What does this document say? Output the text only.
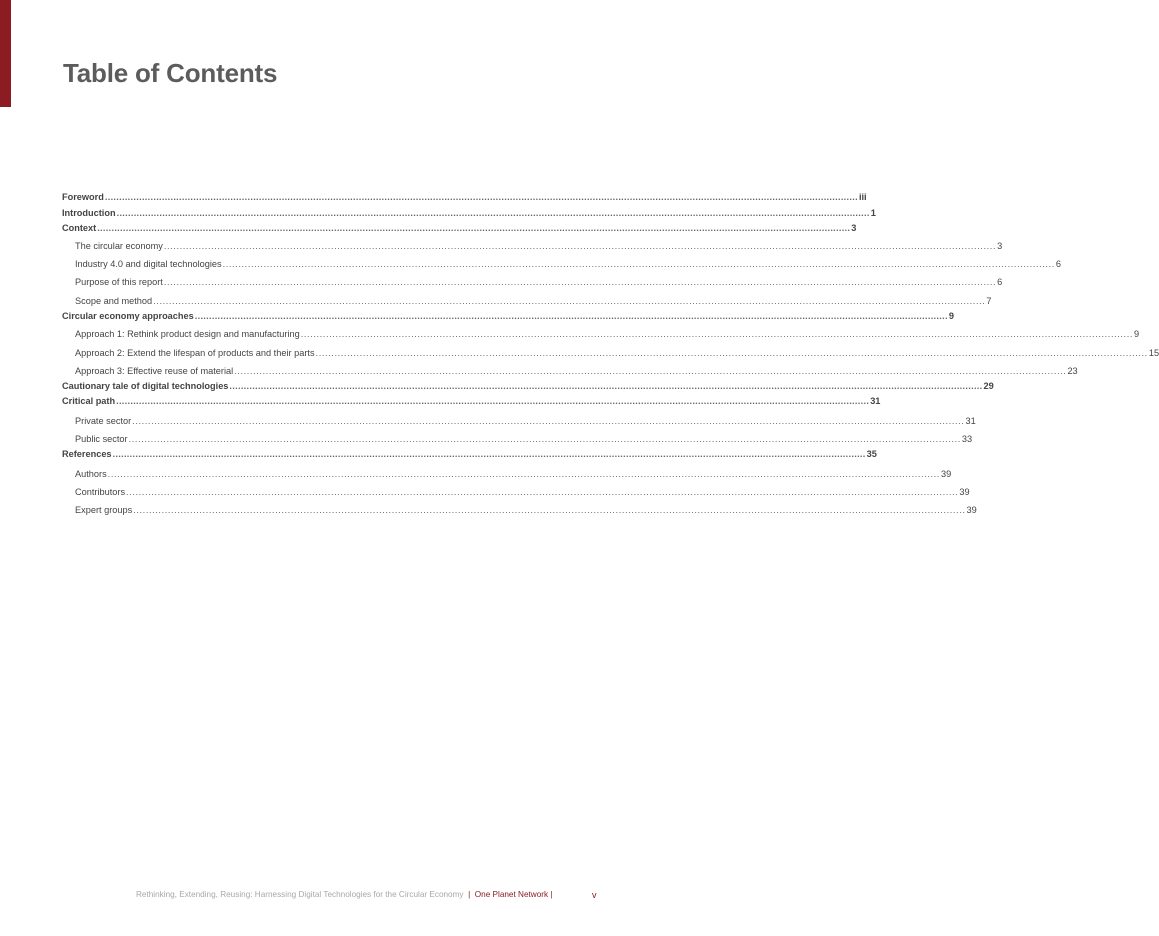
Table of Contents
Foreword ........................................................................................................................................................................................................................................................................ iii
Introduction ........................................................................................................................................................................................................................................................................ 1
Context ........................................................................................................................................................................................................................................................................ 3
The circular economy ........................................................................................................................................................................................................................................................................ 3
Industry 4.0 and digital technologies ........................................................................................................................................................................................................................................................................ 6
Purpose of this report ........................................................................................................................................................................................................................................................................ 6
Scope and method ........................................................................................................................................................................................................................................................................ 7
Circular economy approaches ........................................................................................................................................................................................................................................................................ 9
Approach 1: Rethink product design and manufacturing ........................................................................................................................................................................................................................................................................ 9
Approach 2: Extend the lifespan of products and their parts ........................................................................................................................................................................................................................................................................ 15
Approach 3: Effective reuse of material ........................................................................................................................................................................................................................................................................ 23
Cautionary tale of digital technologies ........................................................................................................................................................................................................................................................................ 29
Critical path ........................................................................................................................................................................................................................................................................ 31
Private sector ........................................................................................................................................................................................................................................................................ 31
Public sector ........................................................................................................................................................................................................................................................................ 33
References ........................................................................................................................................................................................................................................................................ 35
Authors ........................................................................................................................................................................................................................................................................ 39
Contributors ........................................................................................................................................................................................................................................................................ 39
Expert groups ........................................................................................................................................................................................................................................................................ 39
Rethinking, Extending, Reusing: Harnessing Digital Technologies for the Circular Economy | One Planet Network |	v
